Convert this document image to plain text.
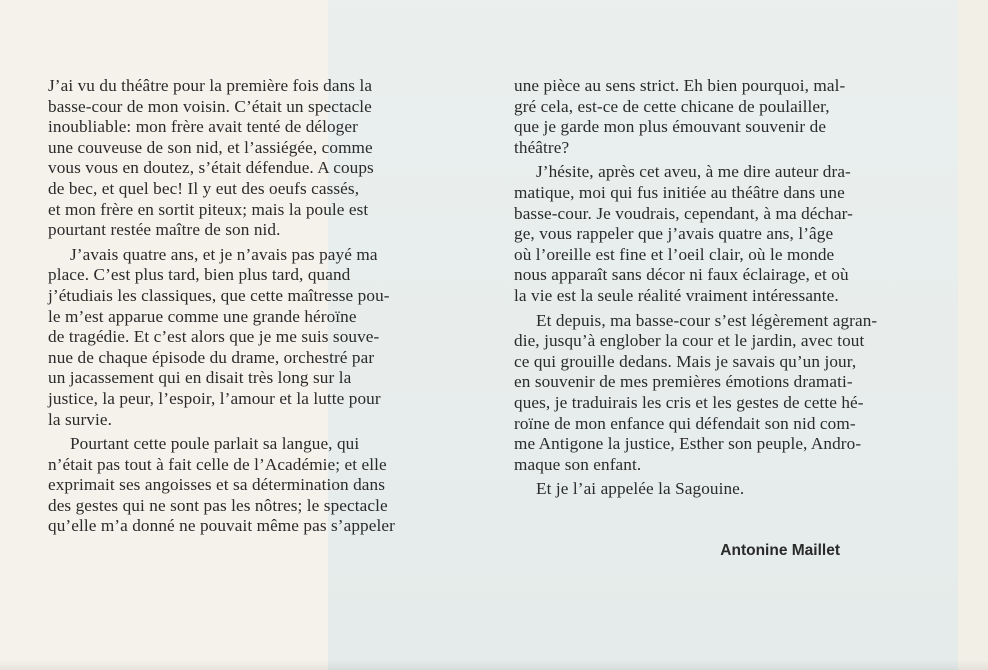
J’ai vu du théâtre pour la première fois dans la
basse-cour de mon voisin. C’était un spectacle
inoubliable: mon frère avait tenté de déloger
une couveuse de son nid, et l’assiégée, comme
vous vous en doutez, s’était défendue. A coups
de bec, et quel bec! Il y eut des oeufs cassés,
et mon frère en sortit piteux; mais la poule est
pourtant restée maître de son nid.

J’avais quatre ans, et je n’avais pas payé ma
place. C’est plus tard, bien plus tard, quand
j’étudiais les classiques, que cette maîtresse pou-
le m’est apparue comme une grande héroïne
de tragédie. Et c’est alors que je me suis souve-
nue de chaque épisode du drame, orchestré par
un jacassement qui en disait très long sur la
justice, la peur, l’espoir, l’amour et la lutte pour
la survie.

Pourtant cette poule parlait sa langue, qui
n’était pas tout à fait celle de l’Académie; et elle
exprimait ses angoisses et sa détermination dans
des gestes qui ne sont pas les nôtres; le spectacle
qu’elle m’a donné ne pouvait même pas s’appeler

une pièce au sens strict. Eh bien pourquoi, mal-
gré cela, est-ce de cette chicane de poulailler,
que je garde mon plus émouvant souvenir de
théâtre?

J’hésite, après cet aveu, à me dire auteur dra-
matique, moi qui fus initiée au théâtre dans une
basse-cour. Je voudrais, cependant, à ma déchar-
ge, vous rappeler que j’avais quatre ans, l’âge
où l’oreille est fine et l’oeil clair, où le monde
nous apparaît sans décor ni faux éclairage, et où
la vie est la seule réalité vraiment intéressante.

Et depuis, ma basse-cour s’est légèrement agran-
die, jusqu’à englober la cour et le jardin, avec tout
ce qui grouille dedans. Mais je savais qu’un jour,
en souvenir de mes premières émotions dramati-
ques, je traduirais les cris et les gestes de cette hé-
roïne de mon enfance qui défendait son nid com-
me Antigone la justice, Esther son peuple, Andro-
maque son enfant.

Et je l’ai appelée la Sagouine.

Antonine Maillet
